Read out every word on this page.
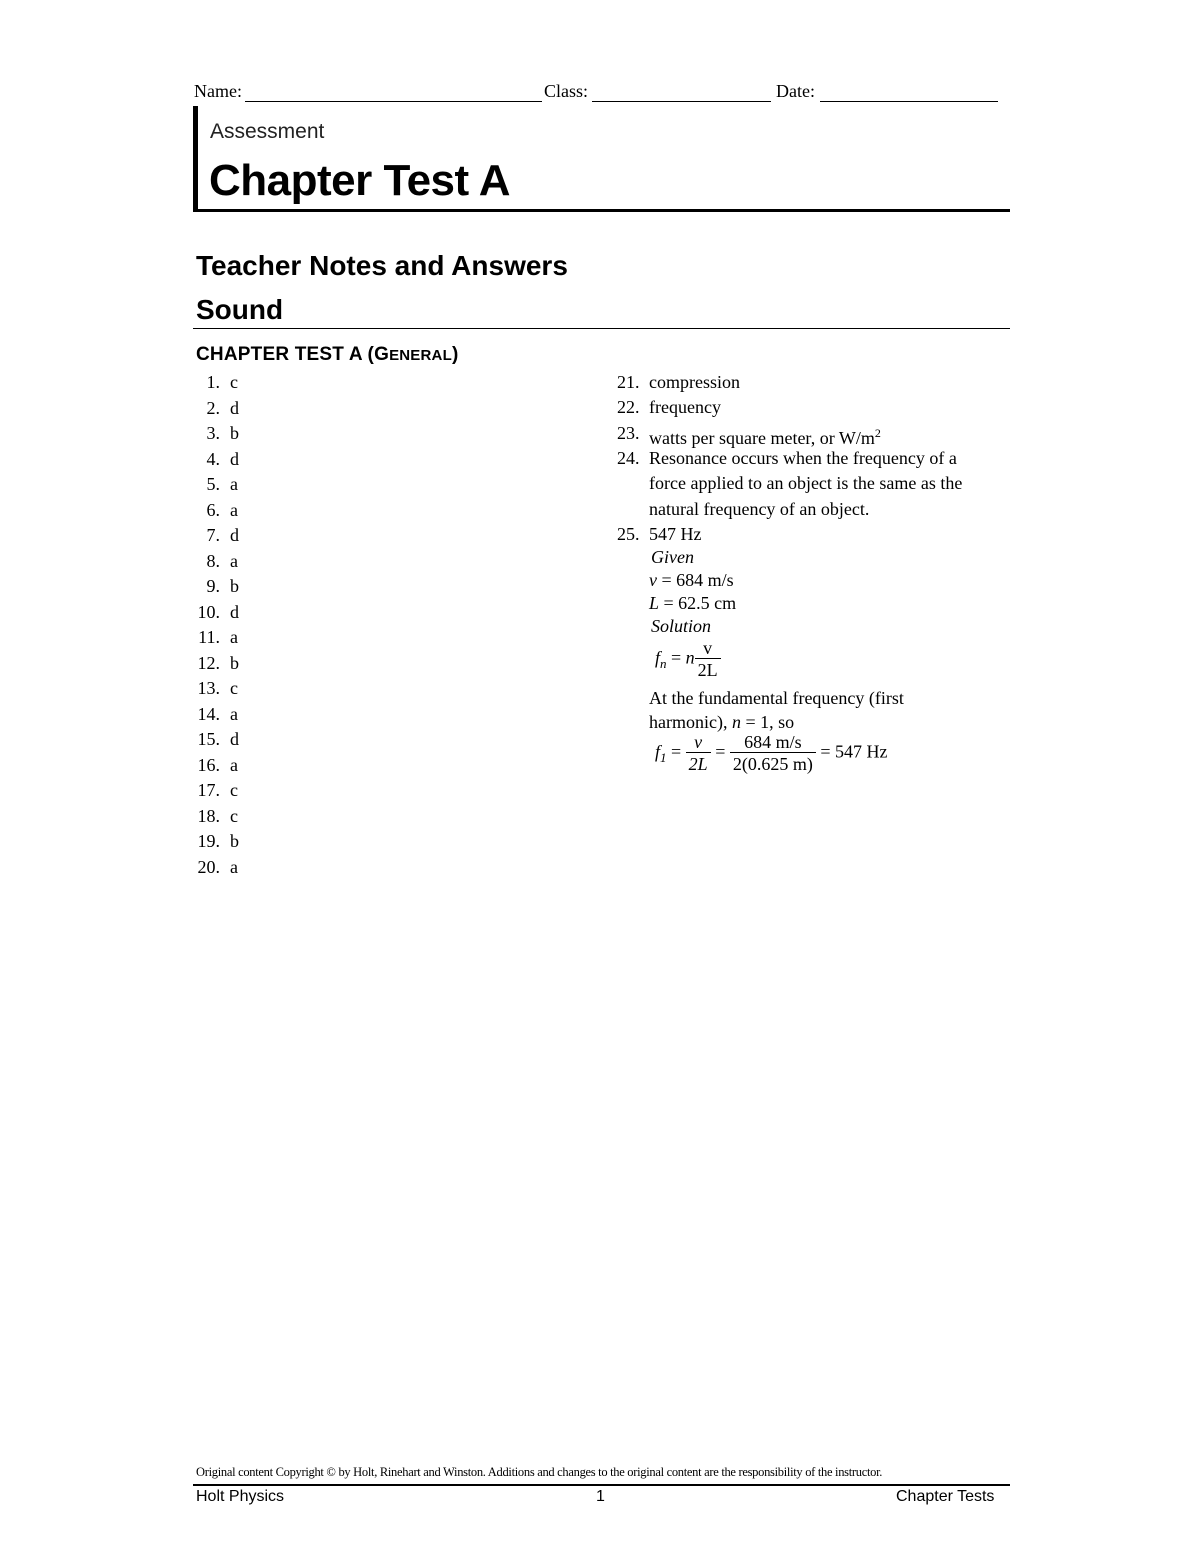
Name:	Class:	Date:
Assessment
Chapter Test A
Teacher Notes and Answers
Sound
CHAPTER TEST A (GENERAL)
1. c
2. d
3. b
4. d
5. a
6. a
7. d
8. a
9. b
10. d
11. a
12. b
13. c
14. a
15. d
16. a
17. c
18. c
19. b
20. a
21. compression
22. frequency
23. watts per square meter, or $W/m^2$
24. Resonance occurs when the frequency of a
force applied to an object is the same as the
natural frequency of an object.
25. 547 Hz
Given
v = 684 m/s
L = 62.5 cm
Solution
$f_n = n \frac{v}{2L}$
At the fundamental frequency (first
harmonic), n = 1, so
$f_1 = \frac{v}{2L} = \frac{684 m/s}{2(0.625 m)} = 547$ Hz
Original content Copyright © by Holt, Rinehart and Winston. Additions and changes to the original content are the responsibility of the instructor.
Holt Physics	1	Chapter Tests
